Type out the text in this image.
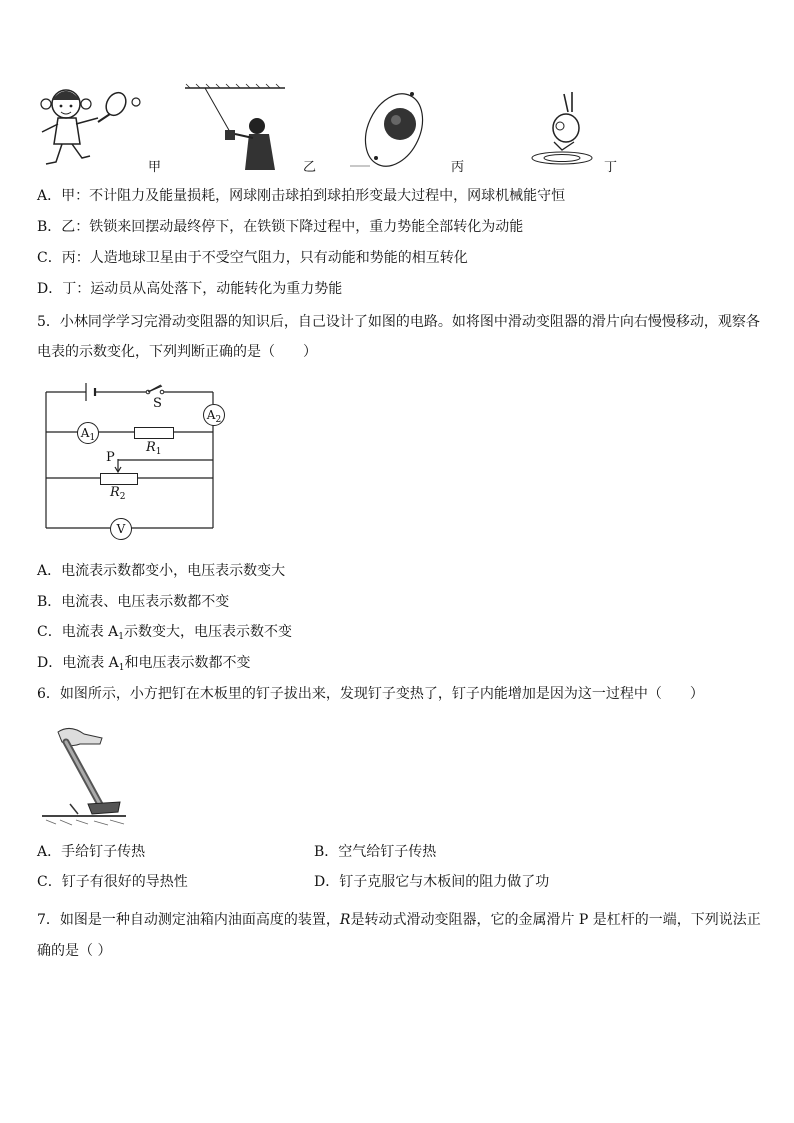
甲	乙	丙	丁
A．甲：不计阻力及能量损耗，网球刚击球拍到球拍形变最大过程中，网球机械能守恒
B．乙：铁锁来回摆动最终停下，在铁锁下降过程中，重力势能全部转化为动能
C．丙：人造地球卫星由于不受空气阻力，只有动能和势能的相互转化
D．丁：运动员从高处落下，动能转化为重力势能
5．小林同学学习完滑动变阻器的知识后，自己设计了如图的电路。如将图中滑动变阻器的滑片向右慢慢移动，观察各
电表的示数变化，下列判断正确的是（　　）
S
$A_2$
$A_1$
$R_1$
P
$R_2$
V
A．电流表示数都变小，电压表示数变大
B．电流表、电压表示数都不变
C．电流表 $A_1$示数变大，电压表示数不变
D．电流表 $A_1$和电压表示数都不变
6．如图所示，小方把钉在木板里的钉子拔出来，发现钉子变热了，钉子内能增加是因为这一过程中（　　）
A．手给钉子传热	B．空气给钉子传热
C．钉子有很好的导热性	D．钉子克服它与木板间的阻力做了功
7．如图是一种自动测定油箱内油面高度的装置，R是转动式滑动变阻器，它的金属滑片 P 是杠杆的一端，下列说法正
确的是（ ）
